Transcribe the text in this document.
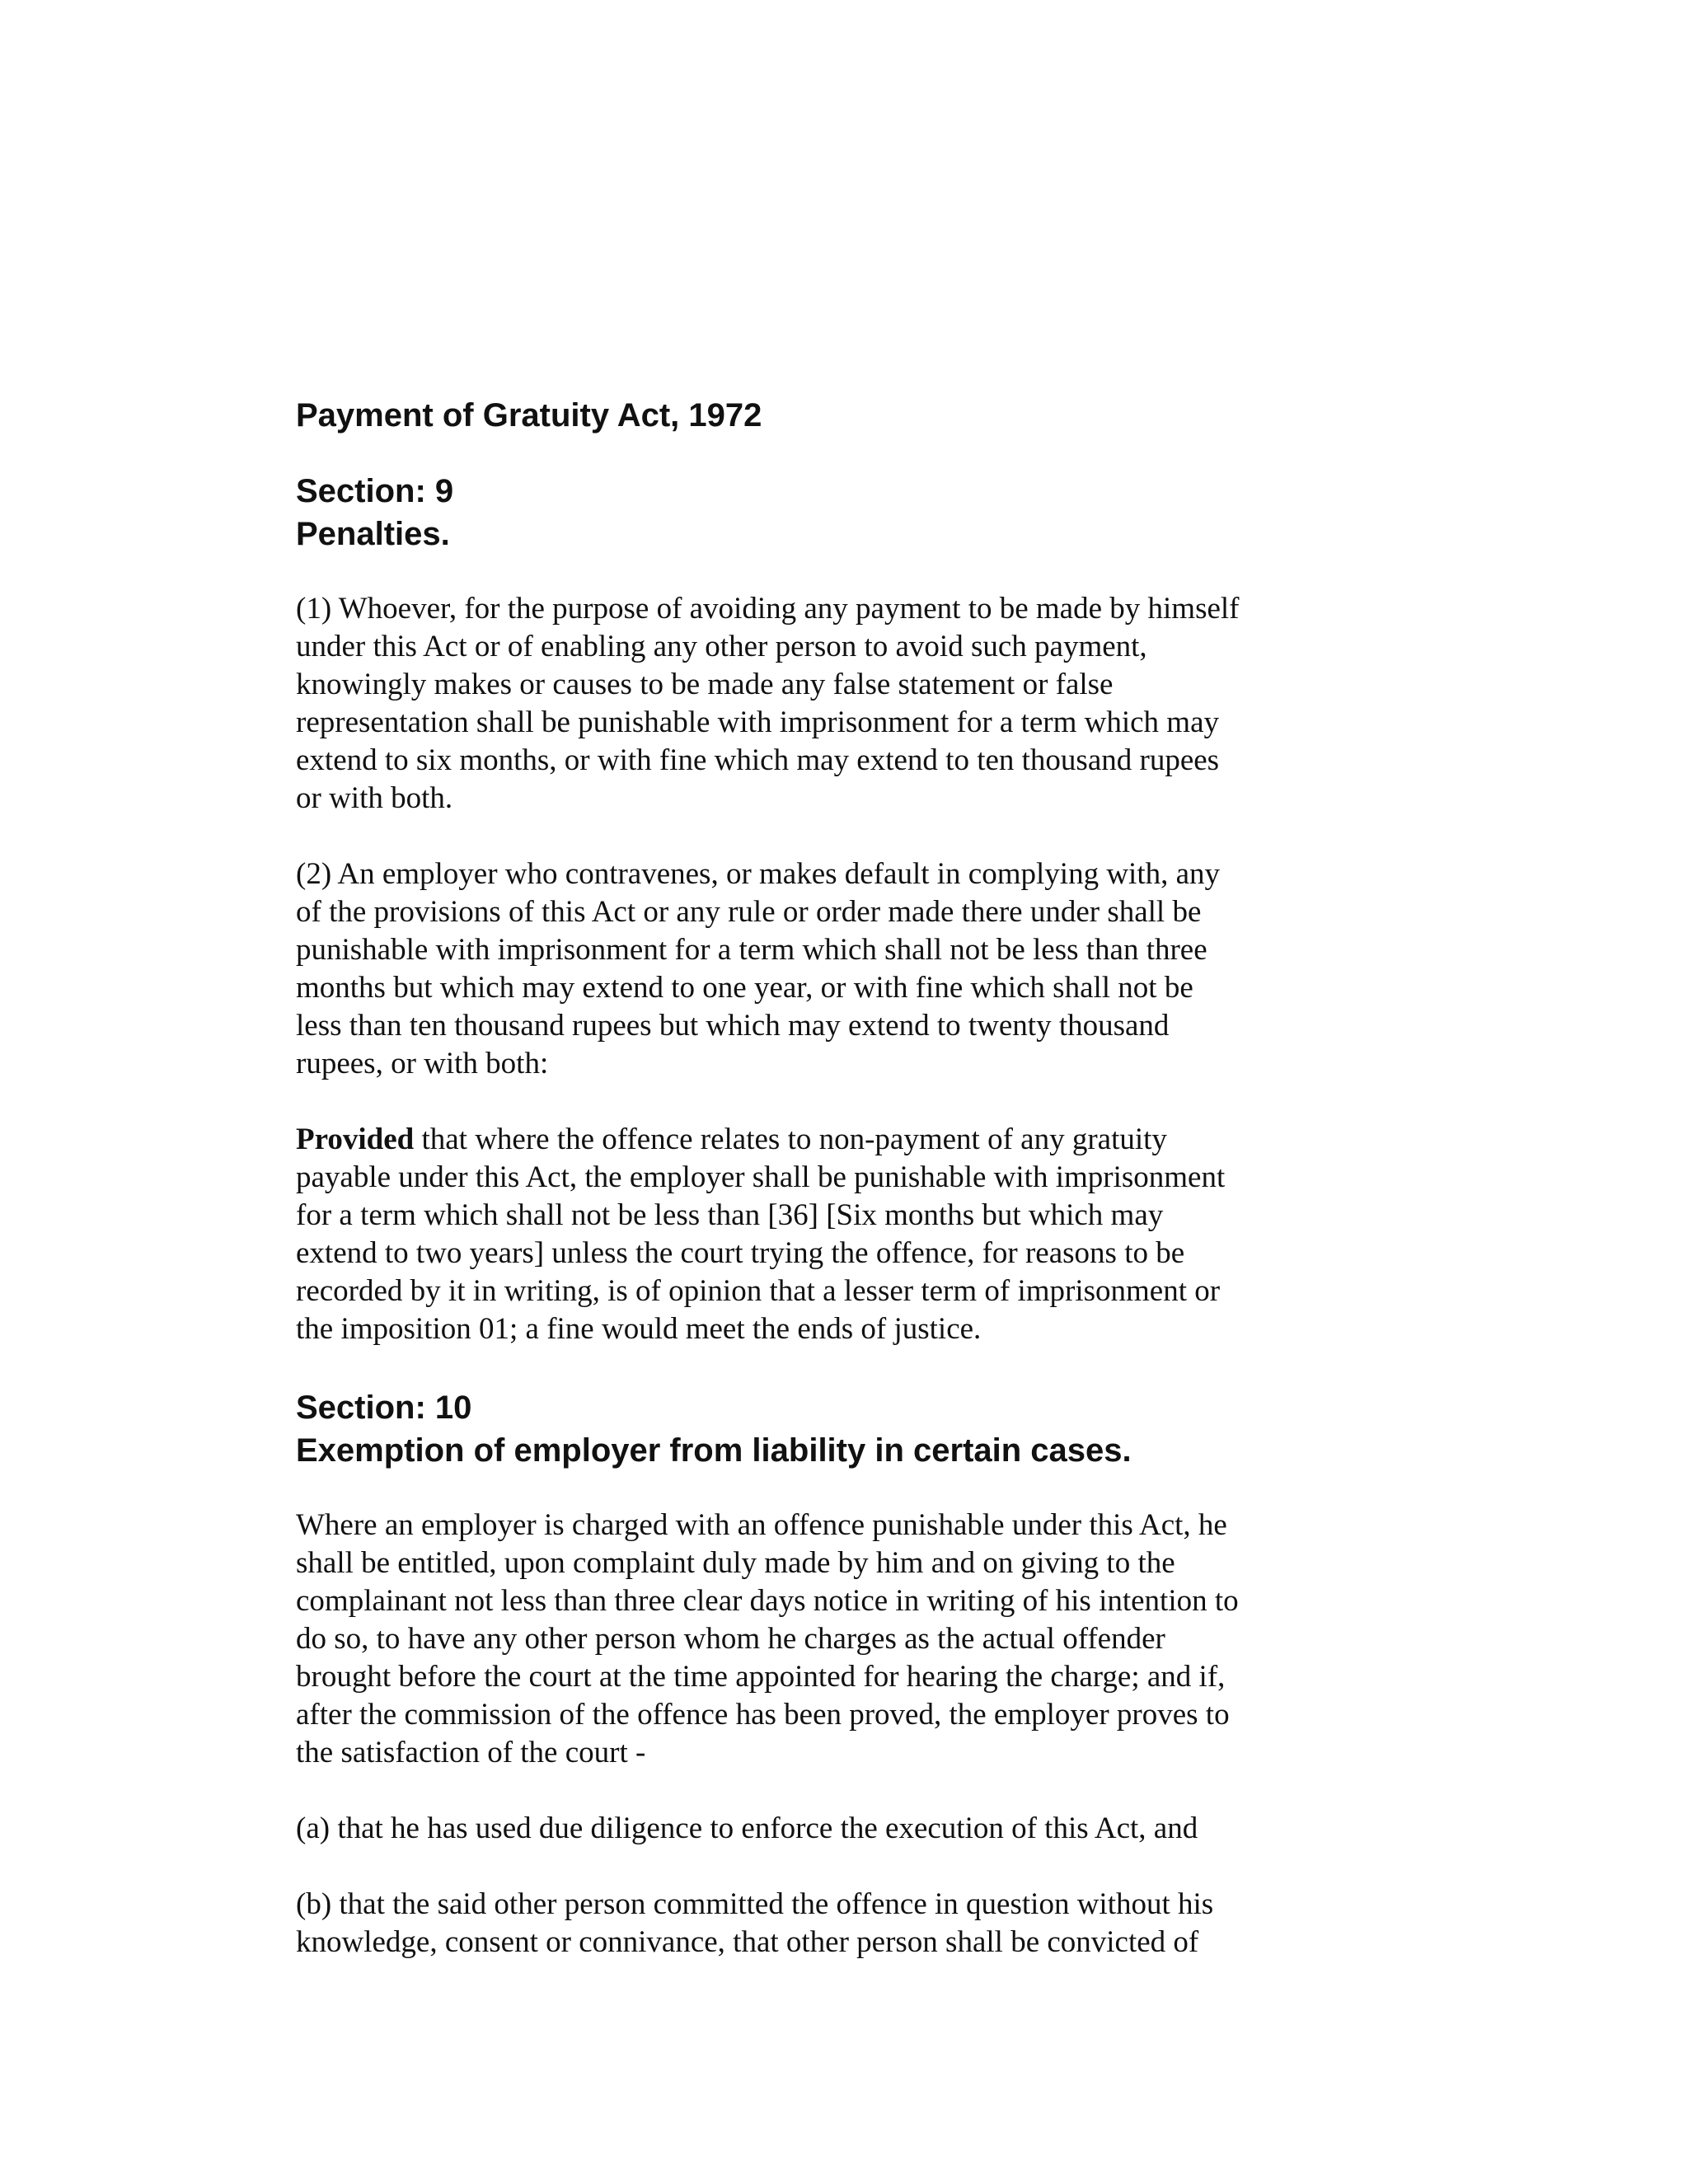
Payment of Gratuity Act, 1972
Section: 9
Penalties.
(1) Whoever, for the purpose of avoiding any payment to be made by himself
under this Act or of enabling any other person to avoid such payment,
knowingly makes or causes to be made any false statement or false
representation shall be punishable with imprisonment for a term which may
extend to six months, or with fine which may extend to ten thousand rupees
or with both.
(2) An employer who contravenes, or makes default in complying with, any
of the provisions of this Act or any rule or order made there under shall be
punishable with imprisonment for a term which shall not be less than three
months but which may extend to one year, or with fine which shall not be
less than ten thousand rupees but which may extend to twenty thousand
rupees, or with both:
Provided that where the offence relates to non-payment of any gratuity
payable under this Act, the employer shall be punishable with imprisonment
for a term which shall not be less than [36] [Six months but which may
extend to two years] unless the court trying the offence, for reasons to be
recorded by it in writing, is of opinion that a lesser term of imprisonment or
the imposition 01; a fine would meet the ends of justice.
Section: 10
Exemption of employer from liability in certain cases.
Where an employer is charged with an offence punishable under this Act, he
shall be entitled, upon complaint duly made by him and on giving to the
complainant not less than three clear days notice in writing of his intention to
do so, to have any other person whom he charges as the actual offender
brought before the court at the time appointed for hearing the charge; and if,
after the commission of the offence has been proved, the employer proves to
the satisfaction of the court -
(a) that he has used due diligence to enforce the execution of this Act, and
(b) that the said other person committed the offence in question without his
knowledge, consent or connivance, that other person shall be convicted of
